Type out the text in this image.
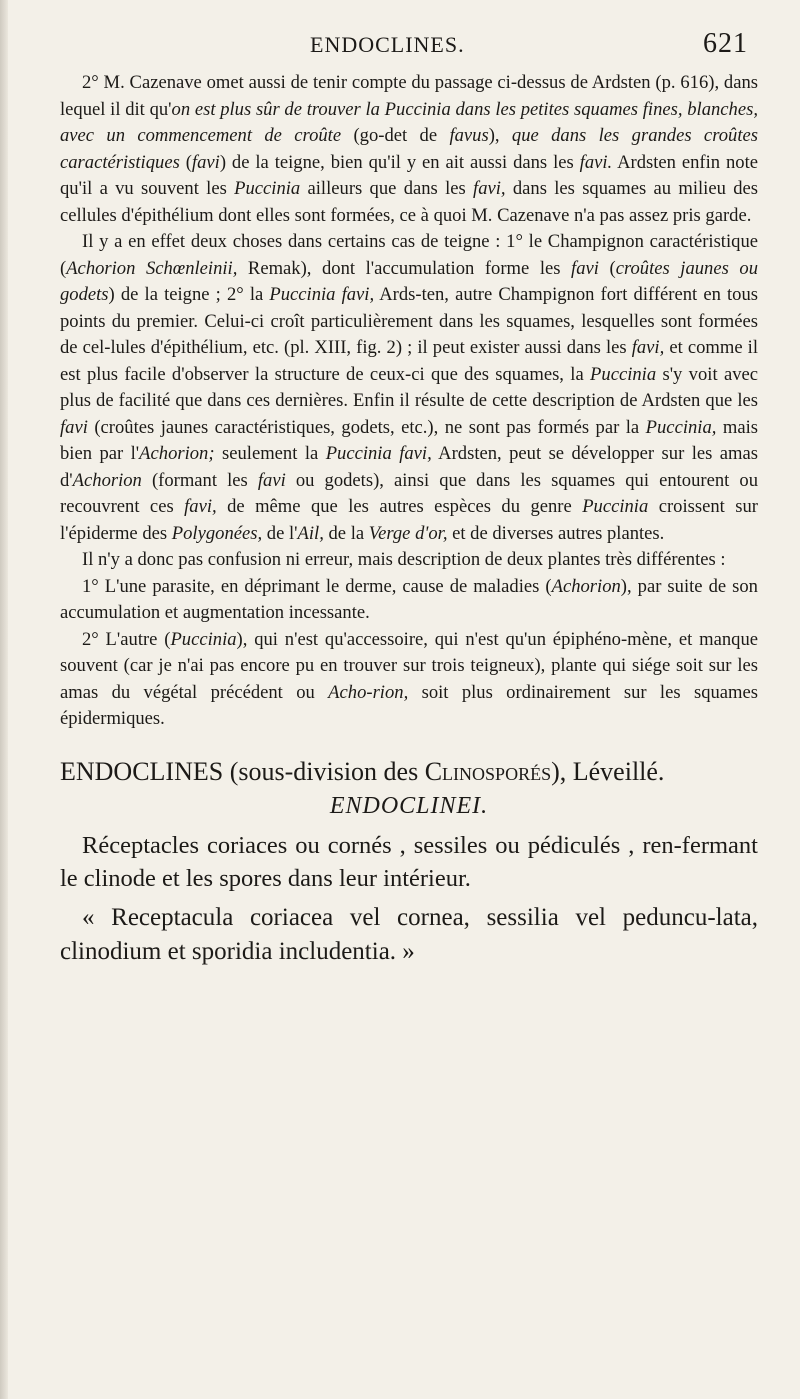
ENDOCLINES.	621

2° M. Cazenave omet aussi de tenir compte du passage ci-dessus de Ardsten (p. 616), dans lequel il dit qu'on est plus sûr de trouver la Puccinia dans les petites squames fines, blanches, avec un commencement de croûte (go-det de favus), que dans les grandes croûtes caractéristiques (favi) de la teigne, bien qu'il y en ait aussi dans les favi. Ardsten enfin note qu'il a vu souvent les Puccinia ailleurs que dans les favi, dans les squames au milieu des cellules d'épithélium dont elles sont formées, ce à quoi M. Cazenave n'a pas assez pris garde.

Il y a en effet deux choses dans certains cas de teigne : 1° le Champignon caractéristique (Achorion Schœnleinii, Remak), dont l'accumulation forme les favi (croûtes jaunes ou godets) de la teigne ; 2° la Puccinia favi, Ards-ten, autre Champignon fort différent en tous points du premier. Celui-ci croît particulièrement dans les squames, lesquelles sont formées de cel-lules d'épithélium, etc. (pl. XIII, fig. 2) ; il peut exister aussi dans les favi, et comme il est plus facile d'observer la structure de ceux-ci que des squames, la Puccinia s'y voit avec plus de facilité que dans ces dernières. Enfin il résulte de cette description de Ardsten que les favi (croûtes jaunes caractéristiques, godets, etc.), ne sont pas formés par la Puccinia, mais bien par l'Achorion; seulement la Puccinia favi, Ardsten, peut se développer sur les amas d'Achorion (formant les favi ou godets), ainsi que dans les squames qui entourent ou recouvrent ces favi, de même que les autres espèces du genre Puccinia croissent sur l'épiderme des Polygonées, de l'Ail, de la Verge d'or, et de diverses autres plantes.

Il n'y a donc pas confusion ni erreur, mais description de deux plantes très différentes :

1° L'une parasite, en déprimant le derme, cause de maladies (Achorion), par suite de son accumulation et augmentation incessante.

2° L'autre (Puccinia), qui n'est qu'accessoire, qui n'est qu'un épiphéno-mène, et manque souvent (car je n'ai pas encore pu en trouver sur trois teigneux), plante qui siége soit sur les amas du végétal précédent ou Acho-rion, soit plus ordinairement sur les squames épidermiques.

ENDOCLINES (sous-division des Clinosporés), Léveillé.
ENDOCLINEI.

Réceptacles coriaces ou cornés , sessiles ou pédiculés , ren-fermant le clinode et les spores dans leur intérieur.

« Receptacula coriacea vel cornea, sessilia vel peduncu-lata, clinodium et sporidia includentia. »
